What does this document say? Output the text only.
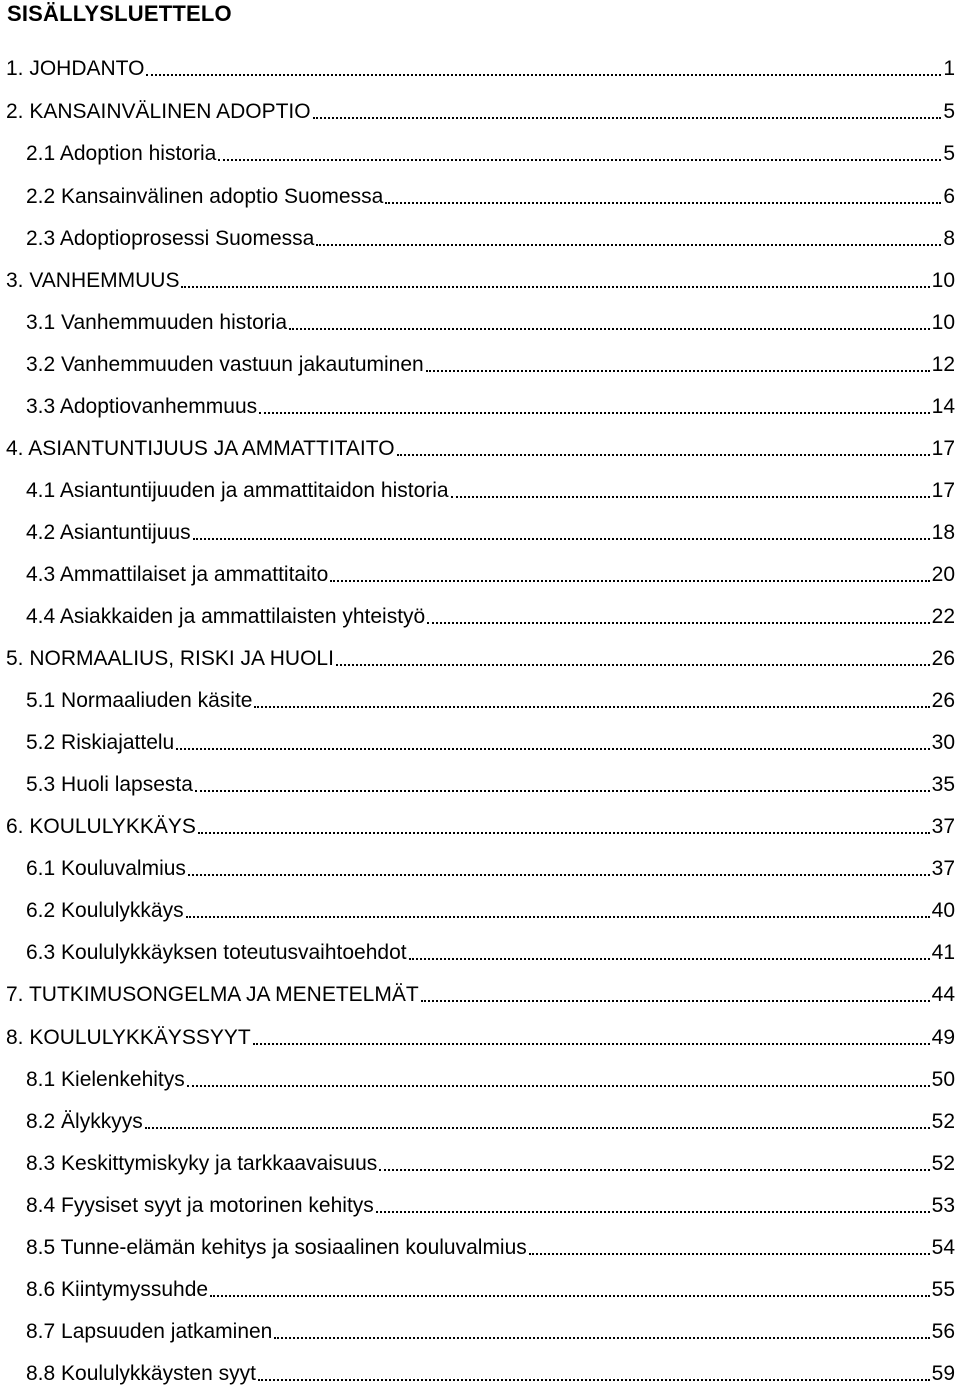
SISÄLLYSLUETTELO
1. JOHDANTO	1
2. KANSAINVÄLINEN ADOPTIO	5
2.1 Adoption historia	5
2.2 Kansainvälinen adoptio Suomessa	6
2.3 Adoptioprosessi Suomessa	8
3. VANHEMMUUS	10
3.1 Vanhemmuuden historia	10
3.2 Vanhemmuuden vastuun jakautuminen	12
3.3 Adoptiovanhemmuus	14
4. ASIANTUNTIJUUS JA AMMATTITAITO	17
4.1 Asiantuntijuuden ja ammattitaidon historia	17
4.2 Asiantuntijuus	18
4.3 Ammattilaiset ja ammattitaito	20
4.4 Asiakkaiden ja ammattilaisten yhteistyö	22
5. NORMAALIUS, RISKI JA HUOLI	26
5.1 Normaaliuden käsite	26
5.2 Riskiajattelu	30
5.3 Huoli lapsesta	35
6. KOULULYKKÄYS	37
6.1 Kouluvalmius	37
6.2 Koululykkäys	40
6.3 Koululykkäyksen toteutusvaihtoehdot	41
7. TUTKIMUSONGELMA JA MENETELMÄT	44
8. KOULULYKKÄYSSYYT	49
8.1 Kielenkehitys	50
8.2 Älykkyys	52
8.3 Keskittymiskyky ja tarkkaavaisuus	52
8.4 Fyysiset syyt ja motorinen kehitys	53
8.5 Tunne-elämän kehitys ja sosiaalinen kouluvalmius	54
8.6 Kiintymyssuhde	55
8.7 Lapsuuden jatkaminen	56
8.8 Koululykkäysten syyt	59
